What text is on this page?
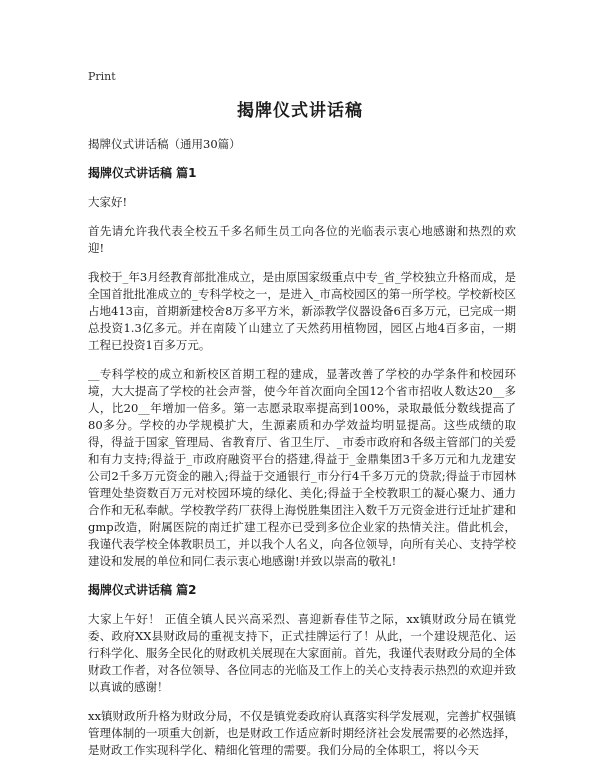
Print
揭牌仪式讲话稿

揭牌仪式讲话稿（通用30篇）

揭牌仪式讲话稿 篇1

大家好!

首先请允许我代表全校五千多名师生员工向各位的光临表示衷心地感谢和热烈的欢迎!

我校于_年3月经教育部批准成立，是由原国家级重点中专_省_学校独立升格而成，是全国首批批准成立的_专科学校之一，是进入_市高校园区的第一所学校。学校新校区占地413亩，首期新建校舍8万多平方米，新添教学仪器设备6百多万元，已完成一期总投资1.3亿多元。并在南陵丫山建立了天然药用植物园，园区占地4百多亩，一期工程已投资1百多万元。

__专科学校的成立和新校区首期工程的建成，显著改善了学校的办学条件和校园环境，大大提高了学校的社会声誉，使今年首次面向全国12个省市招收人数达20__多人，比20__年增加一倍多。第一志愿录取率提高到100%，录取最低分数线提高了80多分。学校的办学规模扩大，生源素质和办学效益均明显提高。这些成绩的取得，得益于国家_管理局、省教育厅、省卫生厅、_市委市政府和各级主管部门的关爱和有力支持;得益于_市政府融资平台的搭建,得益于_金鼎集团3千多万元和九龙建安公司2千多万元资金的融入;得益于交通银行_市分行4千多万元的贷款;得益于市园林管理处垫资数百万元对校园环境的绿化、美化;得益于全校教职工的凝心聚力、通力合作和无私奉献。学校教学药厂获得上海悦胜集团注入数千万元资金进行迁址扩建和gmp改造，附属医院的南迁扩建工程亦已受到多位企业家的热情关注。借此机会，我谨代表学校全体教职员工，并以我个人名义，向各位领导，向所有关心、支持学校建设和发展的单位和同仁表示衷心地感谢!并致以崇高的敬礼!

揭牌仪式讲话稿 篇2

大家上午好！ 正值全镇人民兴高采烈、喜迎新春佳节之际，xx镇财政分局在镇党委、政府XX县财政局的重视支持下，正式挂牌运行了！从此，一个建设规范化、运行科学化、服务全民化的财政机关展现在大家面前。首先，我谨代表财政分局的全体财政工作者，对各位领导、各位同志的光临及工作上的关心支持表示热烈的欢迎并致以真诚的感谢！

xx镇财政所升格为财政分局，不仅是镇党委政府认真落实科学发展观，完善扩权强镇管理体制的一项重大创新，也是财政工作适应新时期经济社会发展需要的必然选择，是财政工作实现科学化、精细化管理的需要。我们分局的全体职工，将以今天
